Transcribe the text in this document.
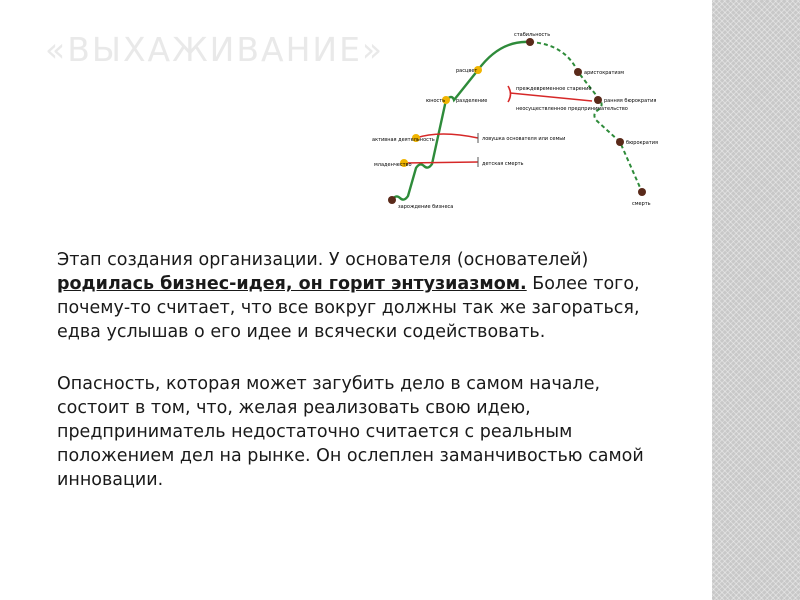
«ВЫХАЖИВАНИЕ»
зарождение бизнеса
младенчество
активная деятельность
юность разделение
расцвет
стабильность
аристократизм
ранняя бюрократия
бюрократия
смерть
преждевременное старение
неосуществленное предпринимательство
ловушка основателя или семьи
детская смерть

Этап создания организации. У основателя (основателей) родилась бизнес-идея, он горит энтузиазмом. Более того, почему-то считает, что все вокруг должны так же загораться, едва услышав о его идее и всячески содействовать.

Опасность, которая может загубить дело в самом начале, состоит в том, что, желая реализовать свою идею, предприниматель недостаточно считается с реальным положением дел на рынке. Он ослеплен заманчивостью самой инновации.
